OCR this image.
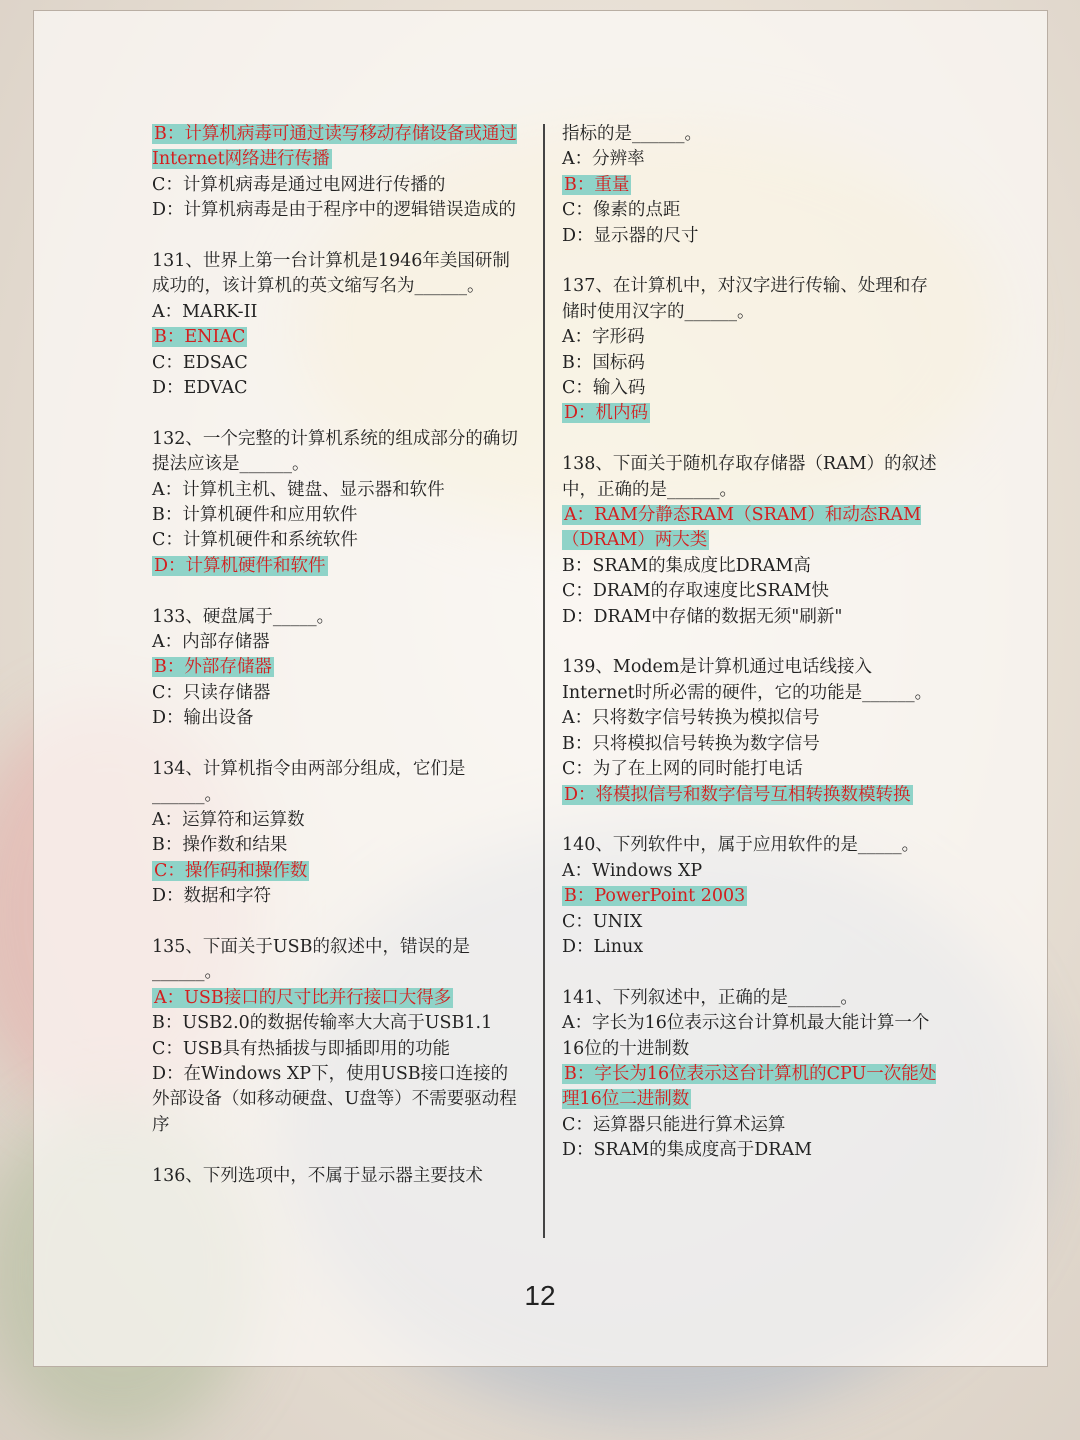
B：计算机病毒可通过读写移动存储设备或通过Internet网络进行传播
C：计算机病毒是通过电网进行传播的
D：计算机病毒是由于程序中的逻辑错误造成的
131、世界上第一台计算机是1946年美国研制成功的，该计算机的英文缩写名为______。
A：MARK-II
B：ENIAC
C：EDSAC
D：EDVAC
132、一个完整的计算机系统的组成部分的确切提法应该是______。
A：计算机主机、键盘、显示器和软件
B：计算机硬件和应用软件
C：计算机硬件和系统软件
D：计算机硬件和软件
133、硬盘属于_____。
A：内部存储器
B：外部存储器
C：只读存储器
D：输出设备
134、计算机指令由两部分组成，它们是______。
A：运算符和运算数
B：操作数和结果
C：操作码和操作数
D：数据和字符
135、下面关于USB的叙述中，错误的是______。
A：USB接口的尺寸比并行接口大得多
B：USB2.0的数据传输率大大高于USB1.1
C：USB具有热插拔与即插即用的功能
D：在Windows XP下，使用USB接口连接的外部设备（如移动硬盘、U盘等）不需要驱动程序
136、下列选项中，不属于显示器主要技术
指标的是______。
A：分辨率
B：重量
C：像素的点距
D：显示器的尺寸
137、在计算机中，对汉字进行传输、处理和存储时使用汉字的______。
A：字形码
B：国标码
C：输入码
D：机内码
138、下面关于随机存取存储器（RAM）的叙述中，正确的是______。
A：RAM分静态RAM（SRAM）和动态RAM（DRAM）两大类
B：SRAM的集成度比DRAM高
C：DRAM的存取速度比SRAM快
D：DRAM中存储的数据无须"刷新"
139、Modem是计算机通过电话线接入Internet时所必需的硬件，它的功能是______。
A：只将数字信号转换为模拟信号
B：只将模拟信号转换为数字信号
C：为了在上网的同时能打电话
D：将模拟信号和数字信号互相转换数模转换
140、下列软件中，属于应用软件的是_____。
A：Windows XP
B：PowerPoint 2003
C：UNIX
D：Linux
141、下列叙述中，正确的是______。
A：字长为16位表示这台计算机最大能计算一个16位的十进制数
B：字长为16位表示这台计算机的CPU一次能处理16位二进制数
C：运算器只能进行算术运算
D：SRAM的集成度高于DRAM
12
